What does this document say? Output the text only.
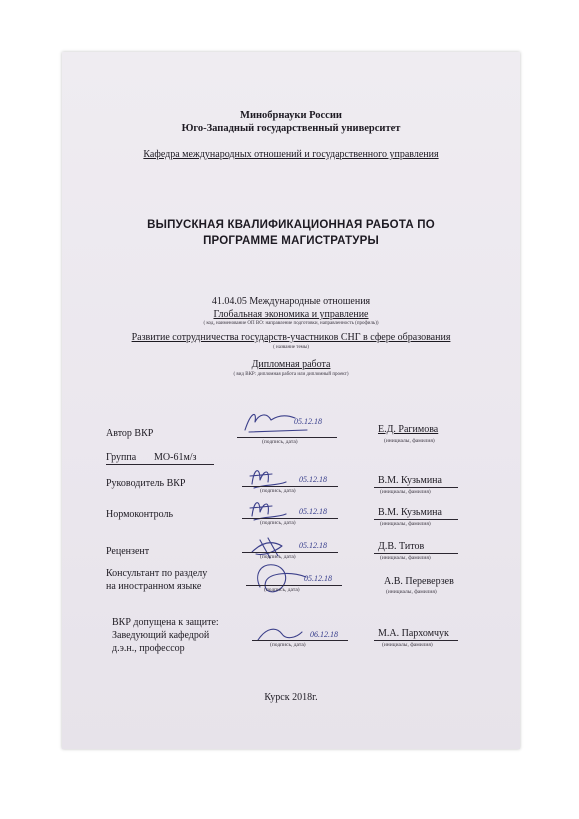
Минобрнауки России
Юго-Западный государственный университет
Кафедра международных отношений и государственного управления
ВЫПУСКНАЯ КВАЛИФИКАЦИОННАЯ РАБОТА ПО
ПРОГРАММЕ МАГИСТРАТУРЫ
41.04.05 Международные отношения
Глобальная экономика и управление
( код, наименование ОП ВО: направление подготовки, направленность (профиль))
Развитие сотрудничества государств-участников СНГ в сфере образования
( название темы)
Дипломная работа
( вид ВКР: дипломная работа или дипломный проект)
Автор ВКР
05.12.18
(подпись, дата)
Е.Д. Рагимова
(инициалы, фамилия)
Группа МО-61м/з
Руководитель ВКР	05.12.18
(подпись, дата)
В.М. Кузьмина
(инициалы, фамилия)
Нормоконтроль	05.12.18
(подпись, дата)
В.М. Кузьмина
(инициалы, фамилия)
Рецензент
05.12.18
(подпись, дата)
Д.В. Титов
(инициалы, фамилия)
Консультант по разделу
на иностранном языке
05.12.18
(подпись, дата)
А.В. Переверзев
(инициалы, фамилия)
ВКР допущена к защите:
Заведующий кафедрой
д.э.н., профессор
06.12.18
(подпись, дата)
М.А. Пархомчук
(инициалы, фамилия)
Курск 2018г.
